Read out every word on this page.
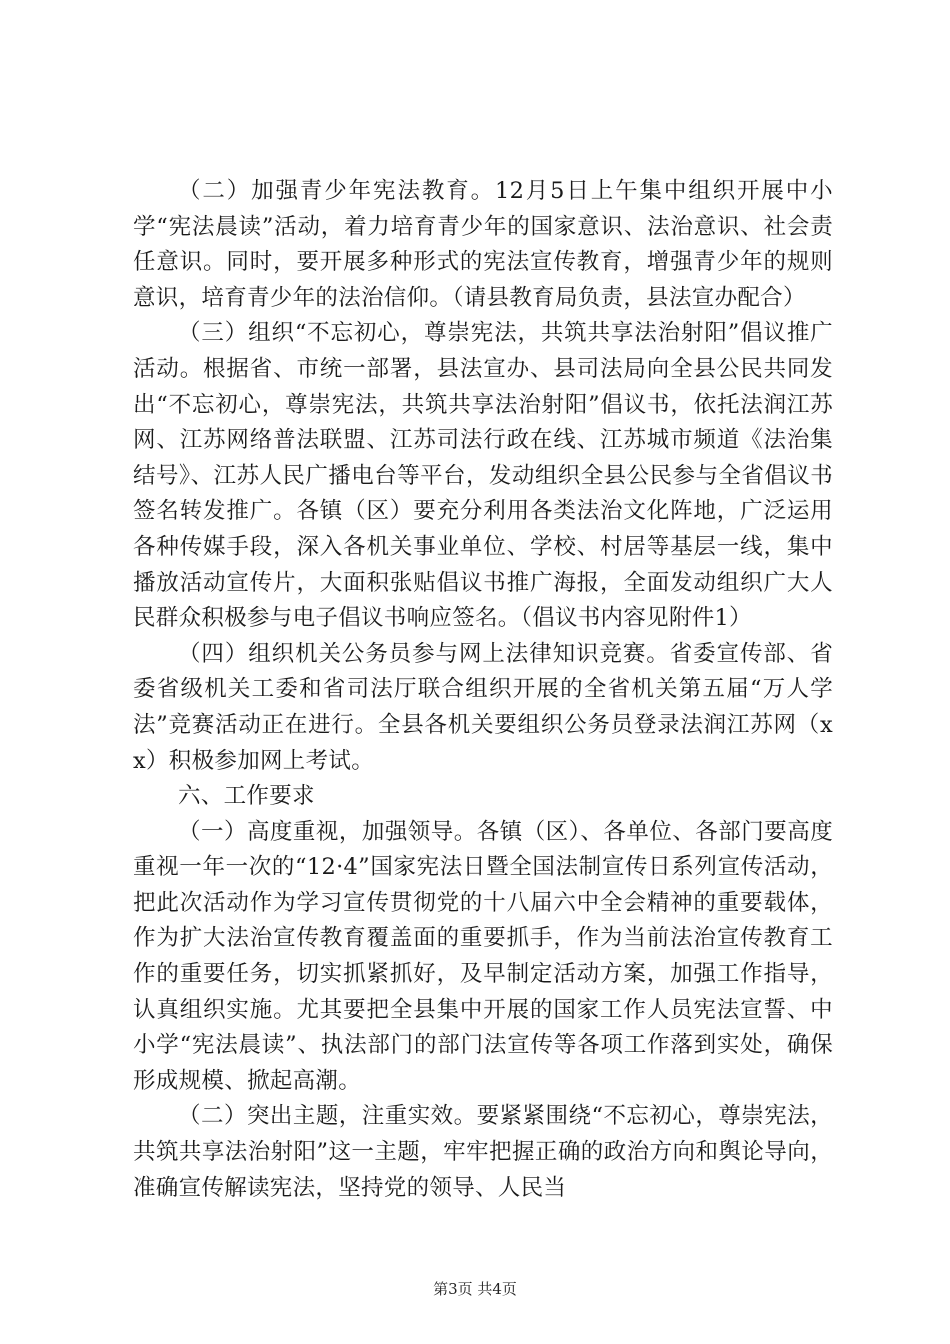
（二）加强青少年宪法教育。12月5日上午集中组织开展中小学“宪法晨读”活动，着力培育青少年的国家意识、法治意识、社会责任意识。同时，要开展多种形式的宪法宣传教育，增强青少年的规则意识，培育青少年的法治信仰。（请县教育局负责，县法宣办配合）

（三）组织“不忘初心，尊崇宪法，共筑共享法治射阳”倡议推广活动。根据省、市统一部署，县法宣办、县司法局向全县公民共同发出“不忘初心，尊崇宪法，共筑共享法治射阳”倡议书，依托法润江苏网、江苏网络普法联盟、江苏司法行政在线、江苏城市频道《法治集结号》、江苏人民广播电台等平台，发动组织全县公民参与全省倡议书签名转发推广。各镇（区）要充分利用各类法治文化阵地，广泛运用各种传媒手段，深入各机关事业单位、学校、村居等基层一线，集中播放活动宣传片，大面积张贴倡议书推广海报，全面发动组织广大人民群众积极参与电子倡议书响应签名。（倡议书内容见附件1）

（四）组织机关公务员参与网上法律知识竞赛。省委宣传部、省委省级机关工委和省司法厅联合组织开展的全省机关第五届“万人学法”竞赛活动正在进行。全县各机关要组织公务员登录法润江苏网（xx）积极参加网上考试。

六、工作要求

（一）高度重视，加强领导。各镇（区）、各单位、各部门要高度重视一年一次的“12·4”国家宪法日暨全国法制宣传日系列宣传活动，把此次活动作为学习宣传贯彻党的十八届六中全会精神的重要载体，作为扩大法治宣传教育覆盖面的重要抓手，作为当前法治宣传教育工作的重要任务，切实抓紧抓好，及早制定活动方案，加强工作指导，认真组织实施。尤其要把全县集中开展的国家工作人员宪法宣誓、中小学“宪法晨读”、执法部门的部门法宣传等各项工作落到实处，确保形成规模、掀起高潮。

（二）突出主题，注重实效。要紧紧围绕“不忘初心，尊崇宪法，共筑共享法治射阳”这一主题，牢牢把握正确的政治方向和舆论导向，准确宣传解读宪法，坚持党的领导、人民当

第3页 共4页
